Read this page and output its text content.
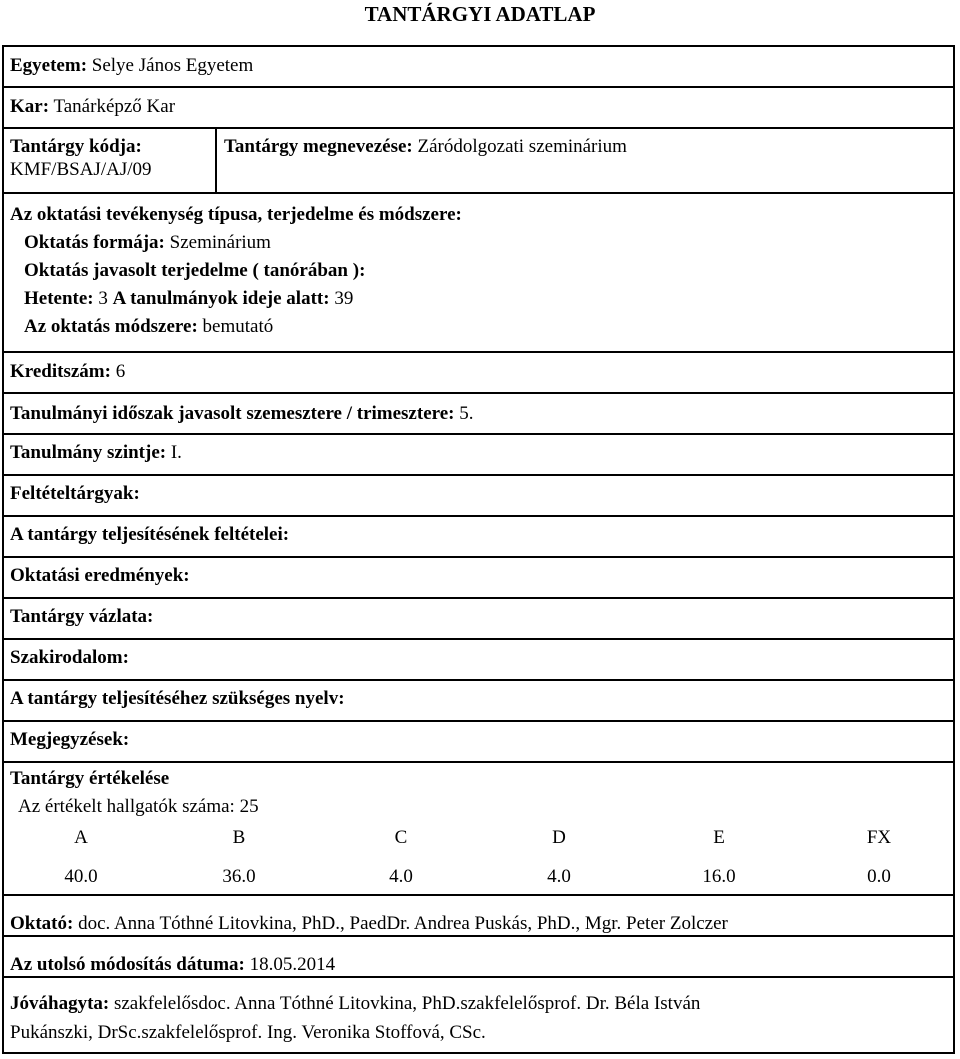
TANTÁRGYI ADATLAP
Egyetem: Selye János Egyetem
Kar: Tanárképző Kar
Tantárgy kódja:
KMF/BSAJ/AJ/09
Tantárgy megnevezése: Záródolgozati szeminárium
Az oktatási tevékenység típusa, terjedelme és módszere:
Oktatás formája: Szeminárium
Oktatás javasolt terjedelme ( tanórában ):
Hetente: 3 A tanulmányok ideje alatt: 39
Az oktatás módszere: bemutató
Kreditszám: 6
Tanulmányi időszak javasolt szemesztere / trimesztere: 5.
Tanulmány szintje: I.
Feltételtárgyak:
A tantárgy teljesítésének feltételei:
Oktatási eredmények:
Tantárgy vázlata:
Szakirodalom:
A tantárgy teljesítéséhez szükséges nyelv:
Megjegyzések:
Tantárgy értékelése
Az értékelt hallgatók száma: 25
A	B	C	D	E	FX
40.0	36.0	4.0	4.0	16.0	0.0
Oktató: doc. Anna Tóthné Litovkina, PhD., PaedDr. Andrea Puskás, PhD., Mgr. Peter Zolczer
Az utolsó módosítás dátuma: 18.05.2014
Jóváhagyta: szakfelelősdoc. Anna Tóthné Litovkina, PhD.szakfelelősprof. Dr. Béla István
Pukánszki, DrSc.szakfelelősprof. Ing. Veronika Stoffová, CSc.
